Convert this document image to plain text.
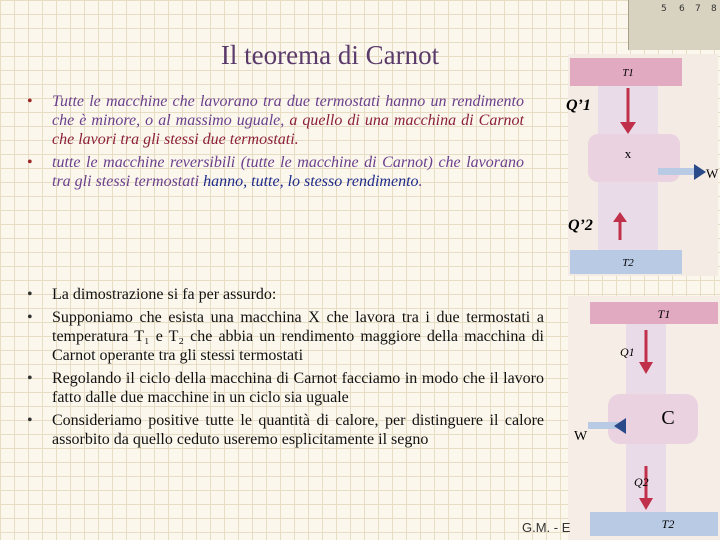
5 6 7 8
Il teorema di Carnot
• Tutte le macchine che lavorano tra due termostati hanno un rendimento che è minore, o al massimo uguale, a quello di una macchina di Carnot che lavori tra gli stessi due termostati.
• tutte le macchine reversibili (tutte le macchine di Carnot) che lavorano tra gli stessi termostati hanno, tutte, lo stesso rendimento.
• La dimostrazione si fa per assurdo:
• Supponiamo che esista una macchina X che lavora tra i due termostati a temperatura T₁ e T₂ che abbia un rendimento maggiore della macchina di Carnot operante tra gli stessi termostati
• Regolando il ciclo della macchina di Carnot facciamo in modo che il lavoro fatto dalle due macchine in un ciclo sia uguale
• Consideriamo positive tutte le quantità di calore, per distinguere il calore assorbito da quello ceduto useremo esplicitamente il segno
T1
T2
x
W
Q’1
Q’2
T1
T2
Q1
Q2
C
W
G.M. - E
